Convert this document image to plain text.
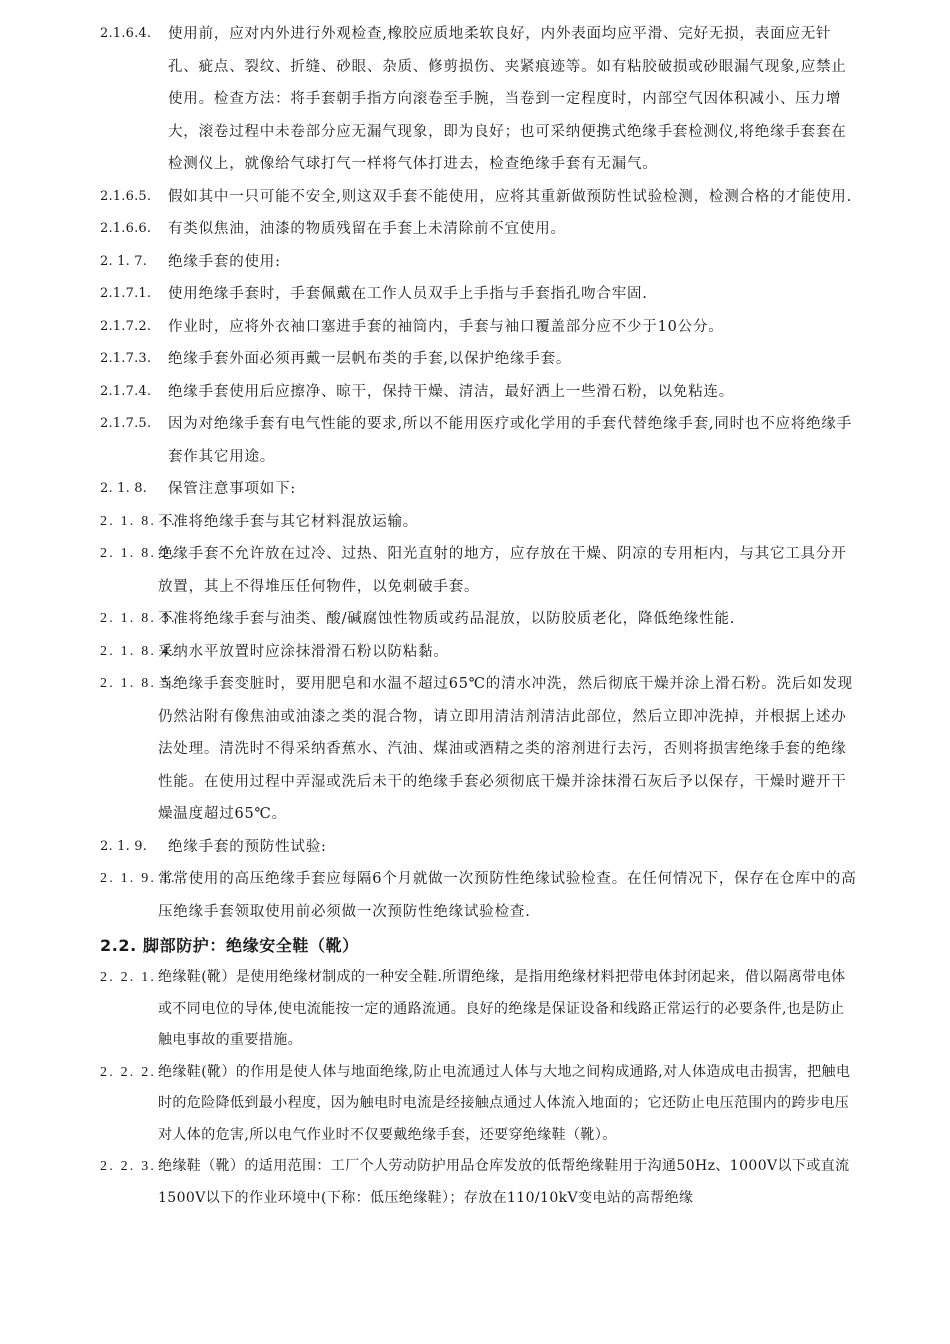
2.1.6.4. 使用前，应对内外进行外观检查,橡胶应质地柔软良好，内外表面均应平滑、完好无损，表面应无针孔、疵点、裂纹、折缝、砂眼、杂质、修剪损伤、夹紧痕迹等。如有粘胶破损或砂眼漏气现象,应禁止使用。检查方法：将手套朝手指方向滚卷至手腕，当卷到一定程度时，内部空气因体积减小、压力增大，滚卷过程中未卷部分应无漏气现象，即为良好；也可采纳便携式绝缘手套检测仪,将绝缘手套套在检测仪上，就像给气球打气一样将气体打进去，检查绝缘手套有无漏气。
2.1.6.5. 假如其中一只可能不安全,则这双手套不能使用，应将其重新做预防性试验检测，检测合格的才能使用.
2.1.6.6. 有类似焦油，油漆的物质残留在手套上未清除前不宜使用。
2. 1. 7. 绝缘手套的使用:
2.1.7.1. 使用绝缘手套时，手套佩戴在工作人员双手上手指与手套指孔吻合牢固.
2.1.7.2. 作业时，应将外衣袖口塞进手套的袖筒内，手套与袖口覆盖部分应不少于10公分。
2.1.7.3. 绝缘手套外面必须再戴一层帆布类的手套,以保护绝缘手套。
2.1.7.4. 绝缘手套使用后应擦净、晾干，保持干燥、清洁，最好洒上一些滑石粉，以免粘连。
2.1.7.5. 因为对绝缘手套有电气性能的要求,所以不能用医疗或化学用的手套代替绝缘手套,同时也不应将绝缘手套作其它用途。
2. 1. 8. 保管注意事项如下:
2. 1. 8. 1.
不准将绝缘手套与其它材料混放运输。
2. 1. 8. 2.
绝缘手套不允许放在过冷、过热、阳光直射的地方，应存放在干燥、阴凉的专用柜内，与其它工具分开放置，其上不得堆压任何物件，以免刺破手套。
2. 1. 8. 3.
不准将绝缘手套与油类、酸/碱腐蚀性物质或药品混放，以防胶质老化，降低绝缘性能.
2. 1. 8. 4.
采纳水平放置时应涂抹滑滑石粉以防粘黏。
2. 1. 8. 5.
当绝缘手套变脏时，要用肥皂和水温不超过65℃的清水冲洗，然后彻底干燥并涂上滑石粉。洗后如发现仍然沾附有像焦油或油漆之类的混合物，请立即用清洁剂清洁此部位，然后立即冲洗掉，并根据上述办法处理。清洗时不得采纳香蕉水、汽油、煤油或酒精之类的溶剂进行去污，否则将损害绝缘手套的绝缘性能。在使用过程中弄湿或洗后未干的绝缘手套必须彻底干燥并涂抹滑石灰后予以保存，干燥时避开干燥温度超过65℃。
2. 1. 9. 绝缘手套的预防性试验:
2. 1. 9. 1.
常常使用的高压绝缘手套应每隔6个月就做一次预防性绝缘试验检查。在任何情况下，保存在仓库中的高压绝缘手套领取使用前必须做一次预防性绝缘试验检查.
2.2. 脚部防护：绝缘安全鞋（靴）
2. 2. 1. 绝缘鞋(靴）是使用绝缘材制成的一种安全鞋.所谓绝缘，是指用绝缘材料把带电体封闭起来，借以隔离带电体或不同电位的导体,使电流能按一定的通路流通。良好的绝缘是保证设备和线路正常运行的必要条件,也是防止触电事故的重要措施。
2. 2. 2. 绝缘鞋(靴）的作用是使人体与地面绝缘,防止电流通过人体与大地之间构成通路,对人体造成电击损害，把触电时的危险降低到最小程度，因为触电时电流是经接触点通过人体流入地面的；它还防止电压范围内的跨步电压对人体的危害,所以电气作业时不仅要戴绝缘手套，还要穿绝缘鞋（靴）。
2. 2. 3. 绝缘鞋（靴）的适用范围：工厂个人劳动防护用品仓库发放的低帮绝缘鞋用于沟通50Hz、1000V以下或直流1500V以下的作业环境中(下称：低压绝缘鞋）；存放在110/10kV变电站的高帮绝缘
